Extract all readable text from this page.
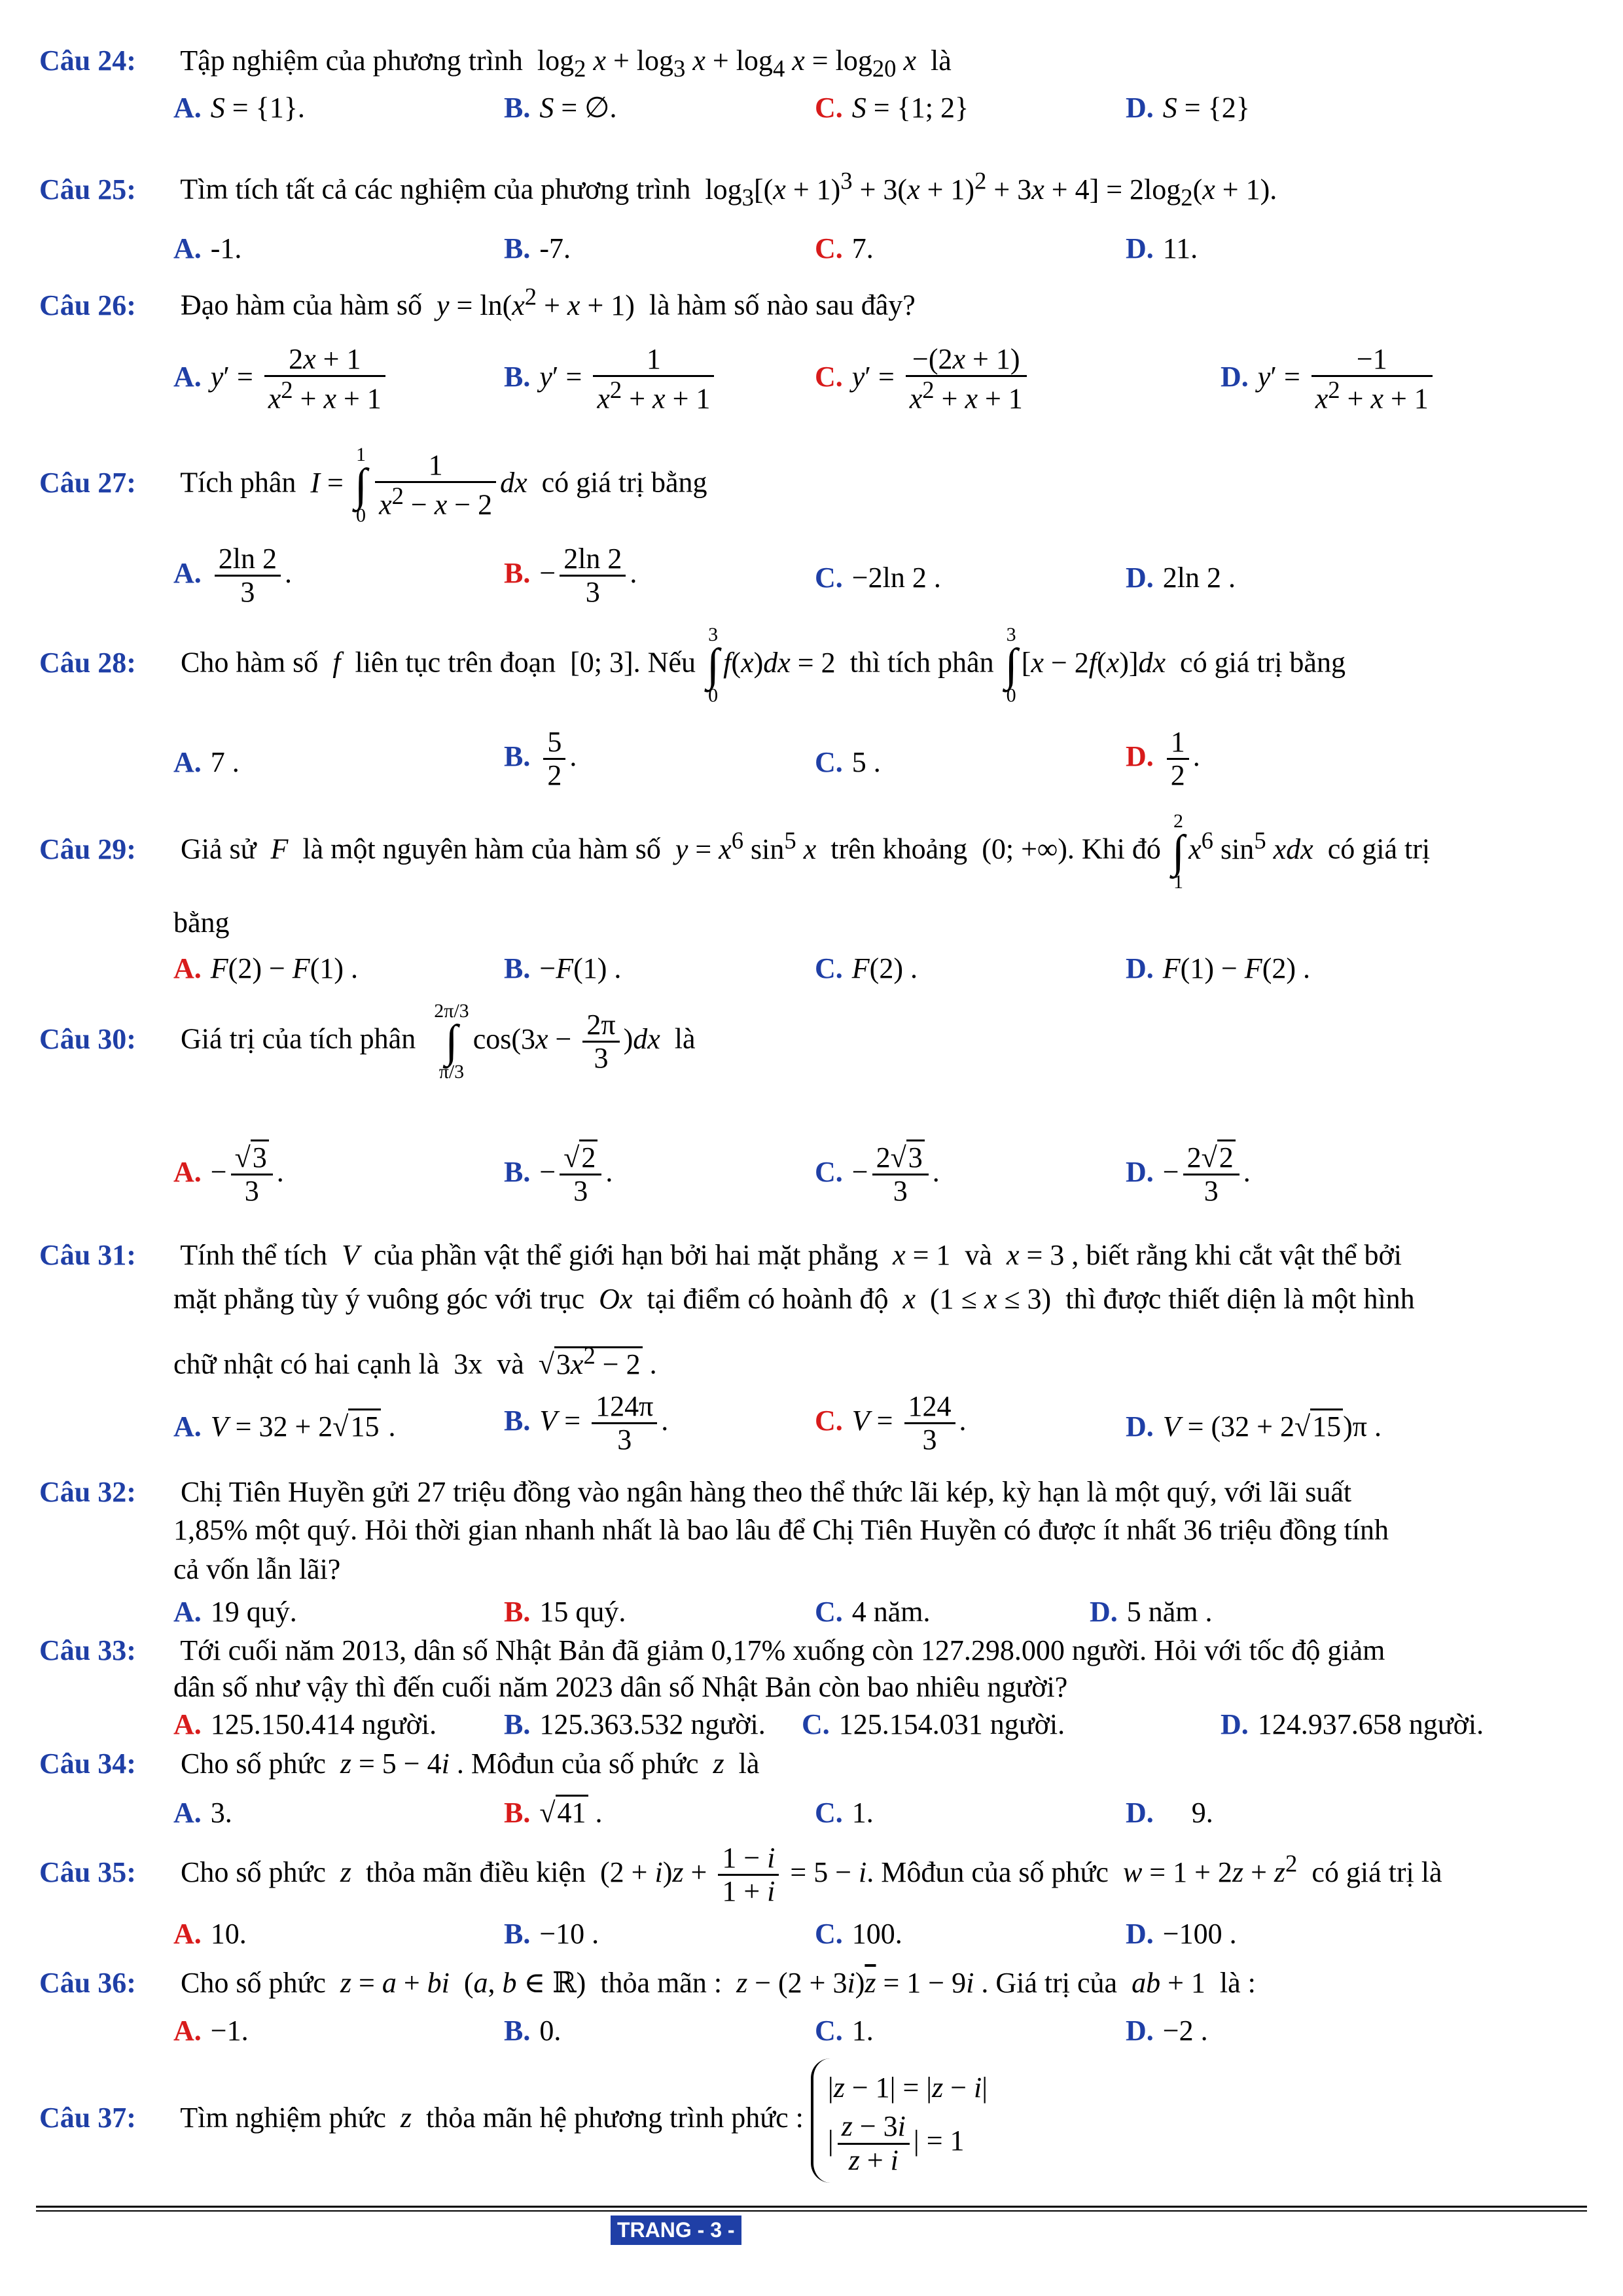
Câu 24: Tập nghiệm của phương trình  $\log_2 x + \log_3 x + \log_4 x = \log_{20} x$ là
A. S = {1}.	B. S = ∅.	C. S = {1; 2}	D. S = {2}
Câu 25: Tìm tích tất cả các nghiệm của phương trình  $\log_3[(x + 1)^3 + 3(x + 1)^2 + 3x + 4] = 2\log_2(x + 1)$.
A. -1.	B. -7.	C. 7.	D. 11.
Câu 26: Đạo hàm của hàm số $y = \ln(x^2 + x + 1)$  là hàm số nào sau đây?
A. $y' = \frac{2x + 1}{x^2 + x + 1}$	B. $y' = \frac{1}{x^2 + x + 1}$	C. $y' = \frac{-(2x + 1)}{x^2 + x + 1}$	D. $y' = \frac{-1}{x^2 + x + 1}$
Câu 27: Tích phân I = 1
∫
$0 \frac{1}{x^2 - x - 2}$ dx có giá trị bằng
A. $\frac{2\ln 2}{3}$ .	B. − $\frac{2\ln 2}{3}$ .	C. −2ln 2 .	D. 2ln 2 .
Câu 28: Cho hàm số  f  liên tục trên đoạn  [0; 3]. Nếu 3
∫
0f(x)dx = 2  thì tích phân 3
∫
0[x − 2f(x)]dx có giá trị bằng
A. 7 .	B. $\frac{5}{2}$ .	C. 5 .	D. $\frac{1}{2}$ .
Câu 29: Giả sử  F  là một nguyên hàm của hàm số $y = x^6$ $\sin^5 x$ trên khoảng  (0; +∞). Khi đó 2
∫
$1x^6$ $\sin^5$ xdx có giá trị
bằng
A. F(2) − F(1) .	B. −F(1) .	C. F(2) .	D. F(1) − F(2) .
Câu 30: Giá trị của tích phân  2π/3
∫
$\pi/3\cos(3x - \frac{2\pi}{3} )dx$ là
A. − $\frac{√3}{3}$ .	B. − $\frac{√2}{3}$ .	C. − $\frac{2√3}{3}$ .	D. − $\frac{2√2}{3}$ .
Câu 31: Tính thể tích  V  của phần vật thể giới hạn bởi hai mặt phẳng x = 1  và x = 3 , biết rằng khi cắt vật thể bởi
mặt phẳng tùy ý vuông góc với trục  Ox  tại điểm có hoành độ x  (1 ≤ x ≤ 3)  thì được thiết diện là một hình
chữ nhật có hai cạnh là  3x  và  $√3x^2 - 2$ .
A. V = 32 + 2√15 .	B. $V = \frac{124\pi}{3}$ .	C. $V = \frac{124}{3}$ .	D. V = (32 + 2√15)π .
Câu 32: Chị Tiên Huyền gửi 27 triệu đồng vào ngân hàng theo thể thức lãi kép, kỳ hạn là một quý, với lãi suất
1,85% một quý. Hỏi thời gian nhanh nhất là bao lâu để Chị Tiên Huyền có được ít nhất 36 triệu đồng tính
cả vốn lẫn lãi?
A. 19 quý.	B. 15 quý.	C. 4 năm.	D. 5 năm .
Câu 33: Tới cuối năm 2013, dân số Nhật Bản đã giảm 0,17% xuống còn 127.298.000 người. Hỏi với tốc độ giảm
dân số như vậy thì đến cuối năm 2023 dân số Nhật Bản còn bao nhiêu người?
A. 125.150.414 người. B. 125.363.532 người. C. 125.154.031 người.	D. 124.937.658 người.
Câu 34: Cho số phức z = 5 − 4i . Môđun của số phức  z  là
A. 3.	B. √41 .	C. 1.	D. 9.
Câu 35: Cho số phức  z  thỏa mãn điều kiện  $(2 + i)z + \frac{1 - i}{1 + i} = 5 - i$. Môđun của số phức $w = 1 + 2z + z^2$ có giá trị là
A. 10.	B. −10 .	C. 100.	D. −100 .
Câu 36: Cho số phức z = a + bi  (a, b ∈ ℝ)  thỏa mãn : $z - (2 + 3i)\overline{z} = 1 - 9i$ . Giá trị của ab + 1  là :
A. −1.	B. 0.	C. 1.	D. −2 .
Câu 37: Tìm nghiệm phức  z  thỏa mãn hệ phương trình phức :
|z − 1| = |z − i|
| $\frac{z - 3i}{z + i}$ | = 1
TRANG - 3 -
